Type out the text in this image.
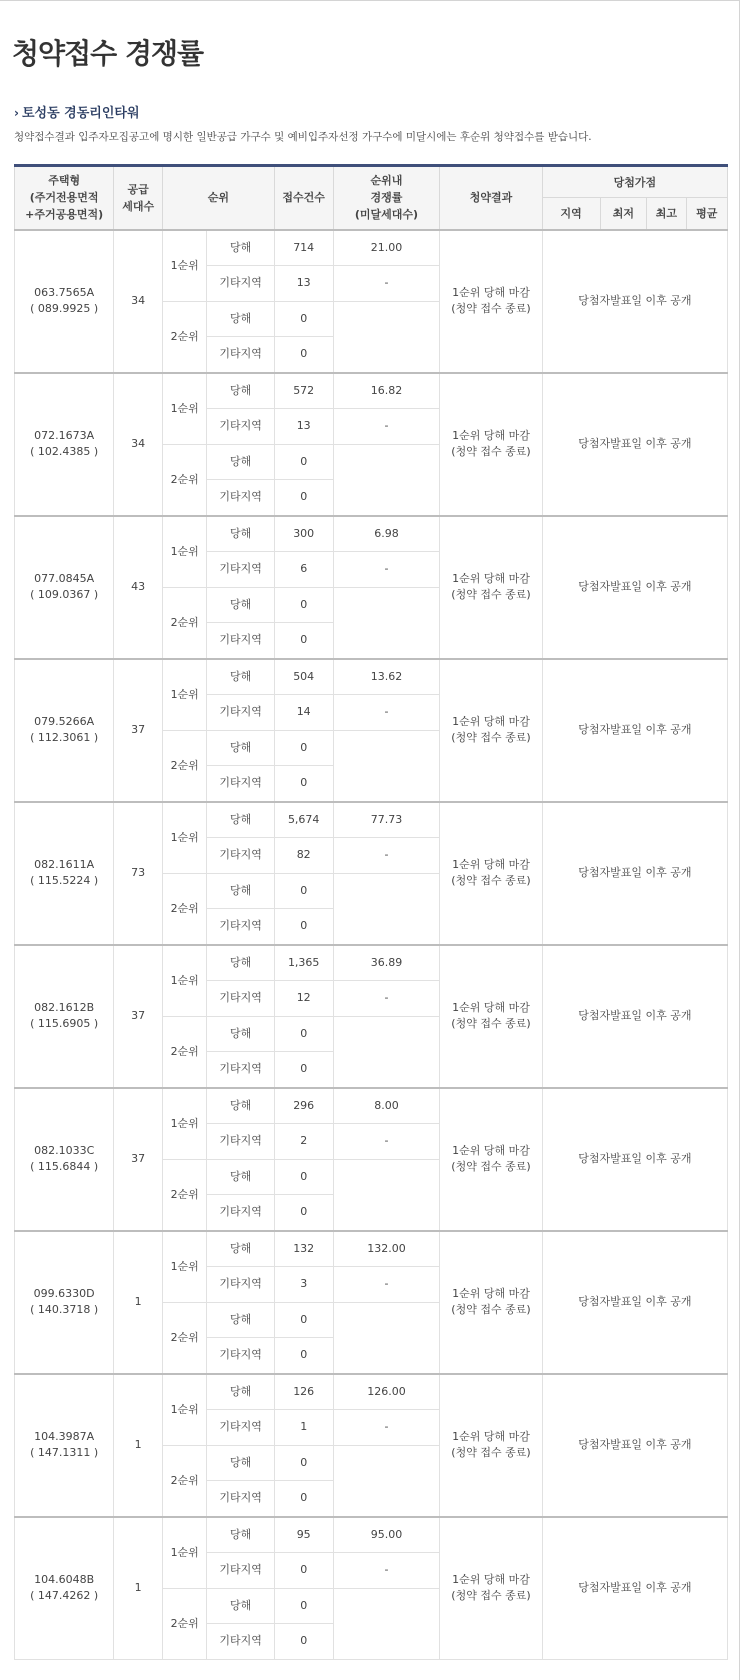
청약접수 경쟁률
› 토성동 경동리인타워
청약접수결과 입주자모집공고에 명시한 일반공급 가구수 및 예비입주자선정 가구수에 미달시에는 후순위 청약접수를 받습니다.
주택형
(주거전용면적
+주거공용면적)	공급
세대수	순위		접수건수	순위내
경쟁률
(미달세대수)	청약결과	당첨가점			
							지역	최저	최고	평균

063.7565A
( 089.9925 )	34	1순위	당해	714	21.00	1순위 당해 마감
(청약 접수 종료)	당첨자발표일 이후 공개			
			기타지역	13	-					
		2순위	당해	0						
			기타지역	0						

072.1673A
( 102.4385 )	34	1순위	당해	572	16.82	1순위 당해 마감
(청약 접수 종료)	당첨자발표일 이후 공개			
			기타지역	13	-					
		2순위	당해	0						
			기타지역	0						

077.0845A
( 109.0367 )	43	1순위	당해	300	6.98	1순위 당해 마감
(청약 접수 종료)	당첨자발표일 이후 공개			
			기타지역	6	-					
		2순위	당해	0						
			기타지역	0						

079.5266A
( 112.3061 )	37	1순위	당해	504	13.62	1순위 당해 마감
(청약 접수 종료)	당첨자발표일 이후 공개			
			기타지역	14	-					
		2순위	당해	0						
			기타지역	0						

082.1611A
( 115.5224 )	73	1순위	당해	5,674	77.73	1순위 당해 마감
(청약 접수 종료)	당첨자발표일 이후 공개			
			기타지역	82	-					
		2순위	당해	0						
			기타지역	0						

082.1612B
( 115.6905 )	37	1순위	당해	1,365	36.89	1순위 당해 마감
(청약 접수 종료)	당첨자발표일 이후 공개			
			기타지역	12	-					
		2순위	당해	0						
			기타지역	0						

082.1033C
( 115.6844 )	37	1순위	당해	296	8.00	1순위 당해 마감
(청약 접수 종료)	당첨자발표일 이후 공개			
			기타지역	2	-					
		2순위	당해	0						
			기타지역	0						

099.6330D
( 140.3718 )	1	1순위	당해	132	132.00	1순위 당해 마감
(청약 접수 종료)	당첨자발표일 이후 공개			
			기타지역	3	-					
		2순위	당해	0						
			기타지역	0						

104.3987A
( 147.1311 )	1	1순위	당해	126	126.00	1순위 당해 마감
(청약 접수 종료)	당첨자발표일 이후 공개			
			기타지역	1	-					
		2순위	당해	0						
			기타지역	0						

104.6048B
( 147.4262 )	1	1순위	당해	95	95.00	1순위 당해 마감
(청약 접수 종료)	당첨자발표일 이후 공개			
			기타지역	0	-					
		2순위	당해	0						
			기타지역	0						
